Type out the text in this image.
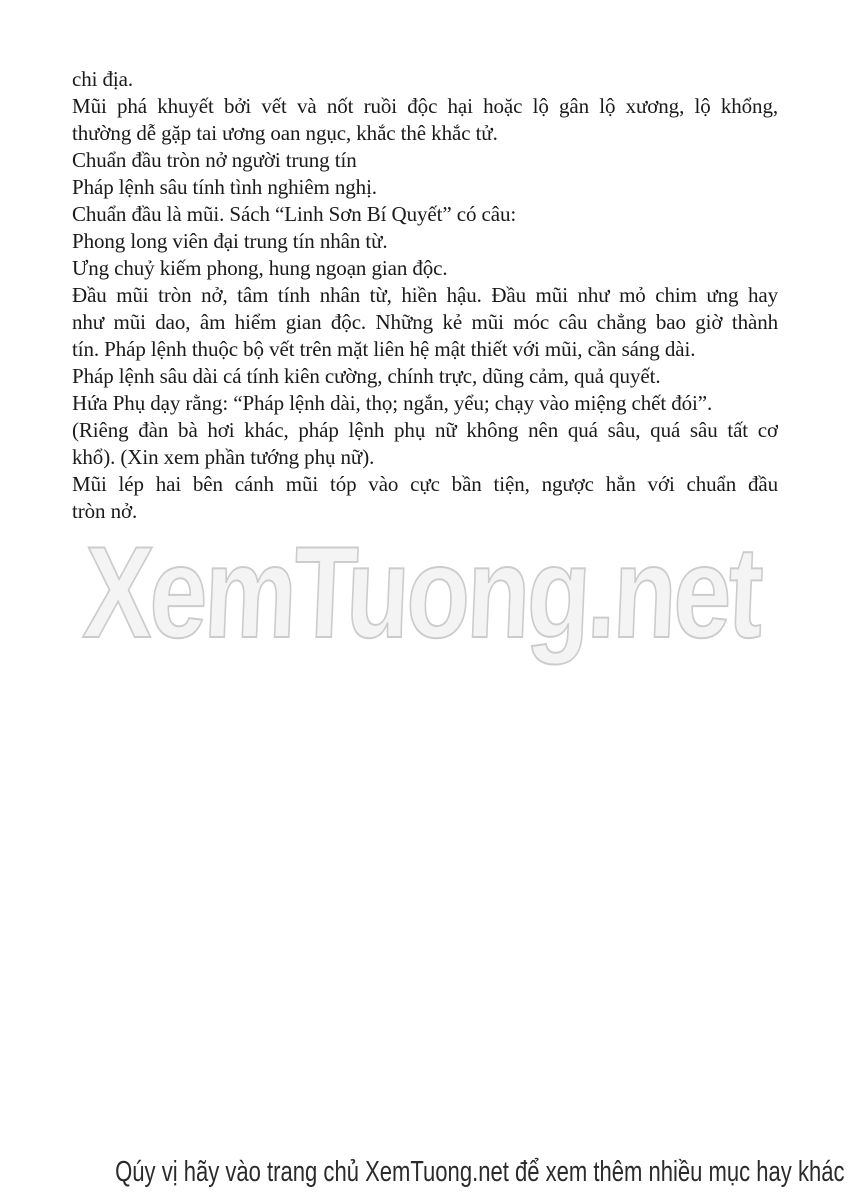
chi địa.
Mũi phá khuyết bởi vết và nốt ruồi độc hại hoặc lộ gân lộ xương, lộ khổng,
thường dễ gặp tai ương oan ngục, khắc thê khắc tử.
Chuẩn đầu tròn nở người trung tín
Pháp lệnh sâu tính tình nghiêm nghị.
Chuẩn đầu là mũi. Sách “Linh Sơn Bí Quyết” có câu:
Phong long viên đại trung tín nhân từ.
Ưng chuỷ kiếm phong, hung ngoạn gian độc.
Đầu mũi tròn nở, tâm tính nhân từ, hiền hậu. Đầu mũi như mỏ chim ưng hay
như mũi dao, âm hiểm gian độc. Những kẻ mũi móc câu chẳng bao giờ thành
tín. Pháp lệnh thuộc bộ vết trên mặt liên hệ mật thiết với mũi, cần sáng dài.
Pháp lệnh sâu dài cá tính kiên cường, chính trực, dũng cảm, quả quyết.
Hứa Phụ dạy rằng: “Pháp lệnh dài, thọ; ngắn, yểu; chạy vào miệng chết đói”.
(Riêng đàn bà hơi khác, pháp lệnh phụ nữ không nên quá sâu, quá sâu tất cơ
khổ). (Xin xem phần tướng phụ nữ).
Mũi lép hai bên cánh mũi tóp vào cực bần tiện, ngược hẳn với chuẩn đầu
tròn nở.
XemTuong.net
Qúy vị hãy vào trang chủ XemTuong.net để xem thêm nhiều mục hay khác
